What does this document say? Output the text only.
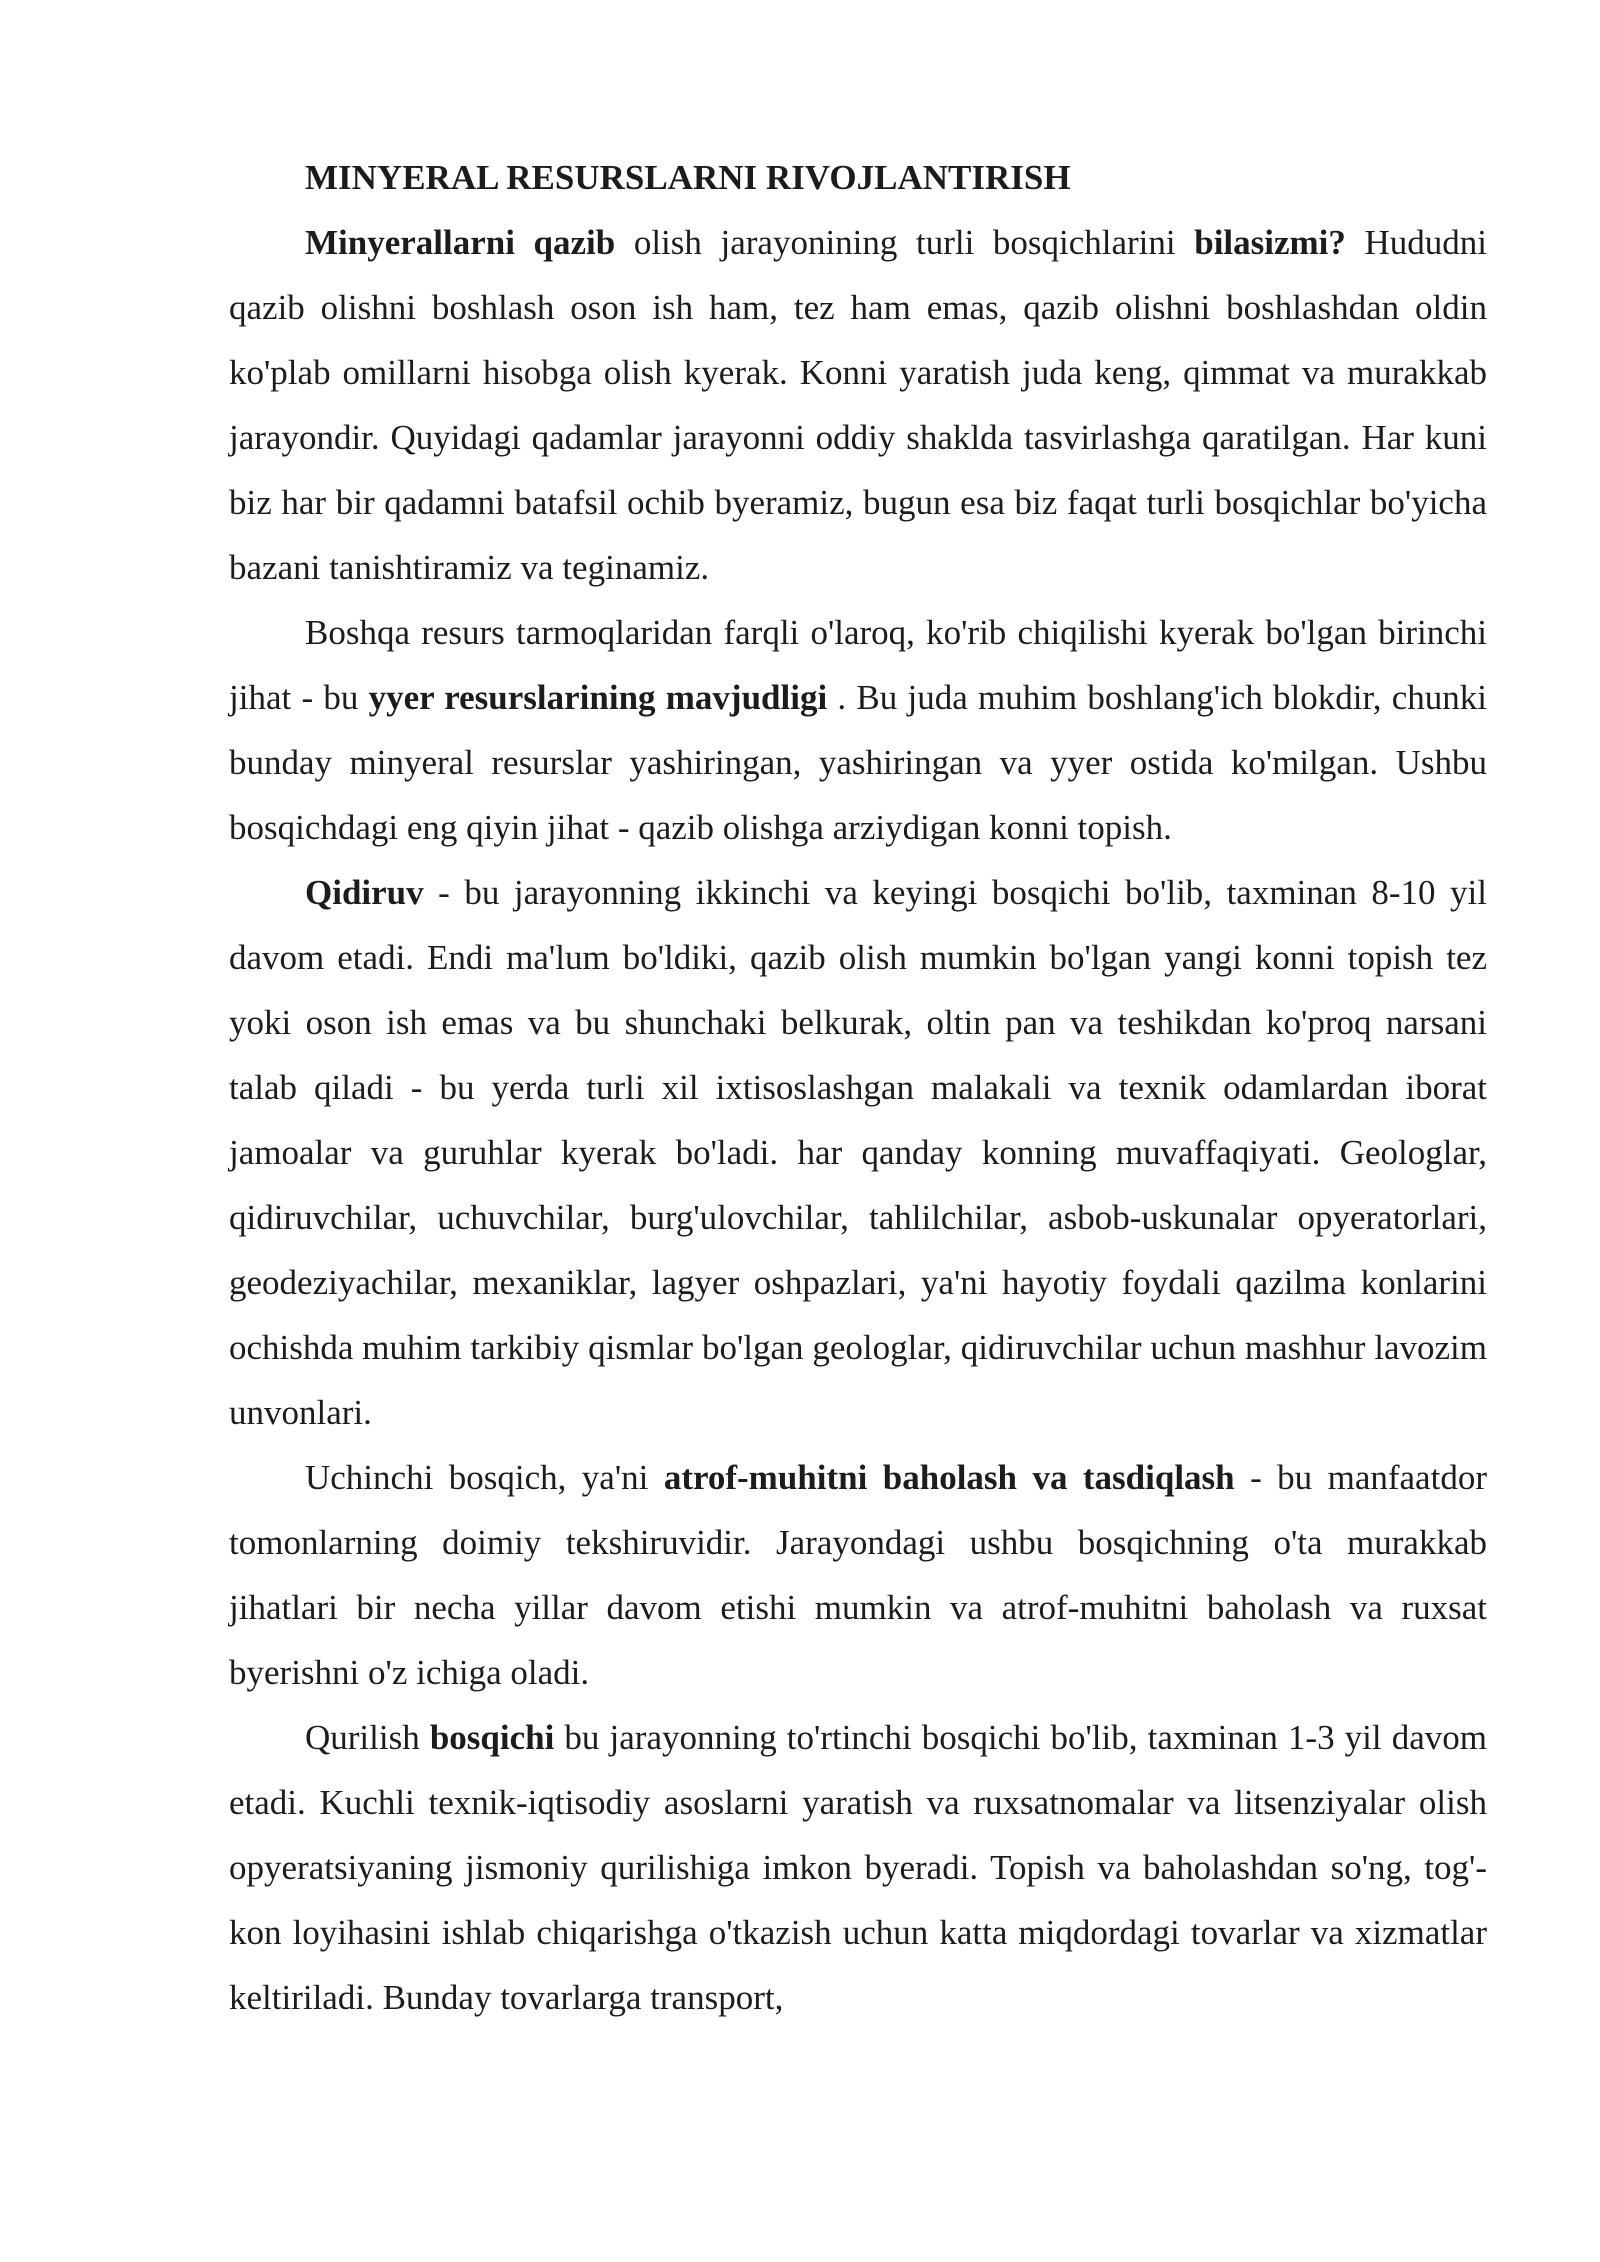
MINYERAL RESURSLARNI RIVOJLANTIRISH

Minyerallarni qazib olish jarayonining turli bosqichlarini bilasizmi? Hududni qazib olishni boshlash oson ish ham, tez ham emas, qazib olishni boshlashdan oldin ko'plab omillarni hisobga olish kyerak. Konni yaratish juda keng, qimmat va murakkab jarayondir. Quyidagi qadamlar jarayonni oddiy shaklda tasvirlashga qaratilgan. Har kuni biz har bir qadamni batafsil ochib byeramiz, bugun esa biz faqat turli bosqichlar bo'yicha bazani tanishtiramiz va teginamiz.

Boshqa resurs tarmoqlaridan farqli o'laroq, ko'rib chiqilishi kyerak bo'lgan birinchi jihat - bu yyer resurslarining mavjudligi . Bu juda muhim boshlang'ich blokdir, chunki bunday minyeral resurslar yashiringan, yashiringan va yyer ostida ko'milgan. Ushbu bosqichdagi eng qiyin jihat - qazib olishga arziydigan konni topish.

Qidiruv - bu jarayonning ikkinchi va keyingi bosqichi bo'lib, taxminan 8-10 yil davom etadi. Endi ma'lum bo'ldiki, qazib olish mumkin bo'lgan yangi konni topish tez yoki oson ish emas va bu shunchaki belkurak, oltin pan va teshikdan ko'proq narsani talab qiladi - bu yerda turli xil ixtisoslashgan malakali va texnik odamlardan iborat jamoalar va guruhlar kyerak bo'ladi. har qanday konning muvaffaqiyati. Geologlar, qidiruvchilar, uchuvchilar, burg'ulovchilar, tahlilchilar, asbob-uskunalar opyeratorlari, geodeziyachilar, mexaniklar, lagyer oshpazlari, ya'ni hayotiy foydali qazilma konlarini ochishda muhim tarkibiy qismlar bo'lgan geologlar, qidiruvchilar uchun mashhur lavozim unvonlari.

Uchinchi bosqich, ya'ni atrof-muhitni baholash va tasdiqlash - bu manfaatdor tomonlarning doimiy tekshiruvidir. Jarayondagi ushbu bosqichning o'ta murakkab jihatlari bir necha yillar davom etishi mumkin va atrof-muhitni baholash va ruxsat byerishni o'z ichiga oladi.

Qurilish bosqichi bu jarayonning to'rtinchi bosqichi bo'lib, taxminan 1-3 yil davom etadi. Kuchli texnik-iqtisodiy asoslarni yaratish va ruxsatnomalar va litsenziyalar olish opyeratsiyaning jismoniy qurilishiga imkon byeradi. Topish va baholashdan so'ng, tog'-kon loyihasini ishlab chiqarishga o'tkazish uchun katta miqdordagi tovarlar va xizmatlar keltiriladi. Bunday tovarlarga transport,
